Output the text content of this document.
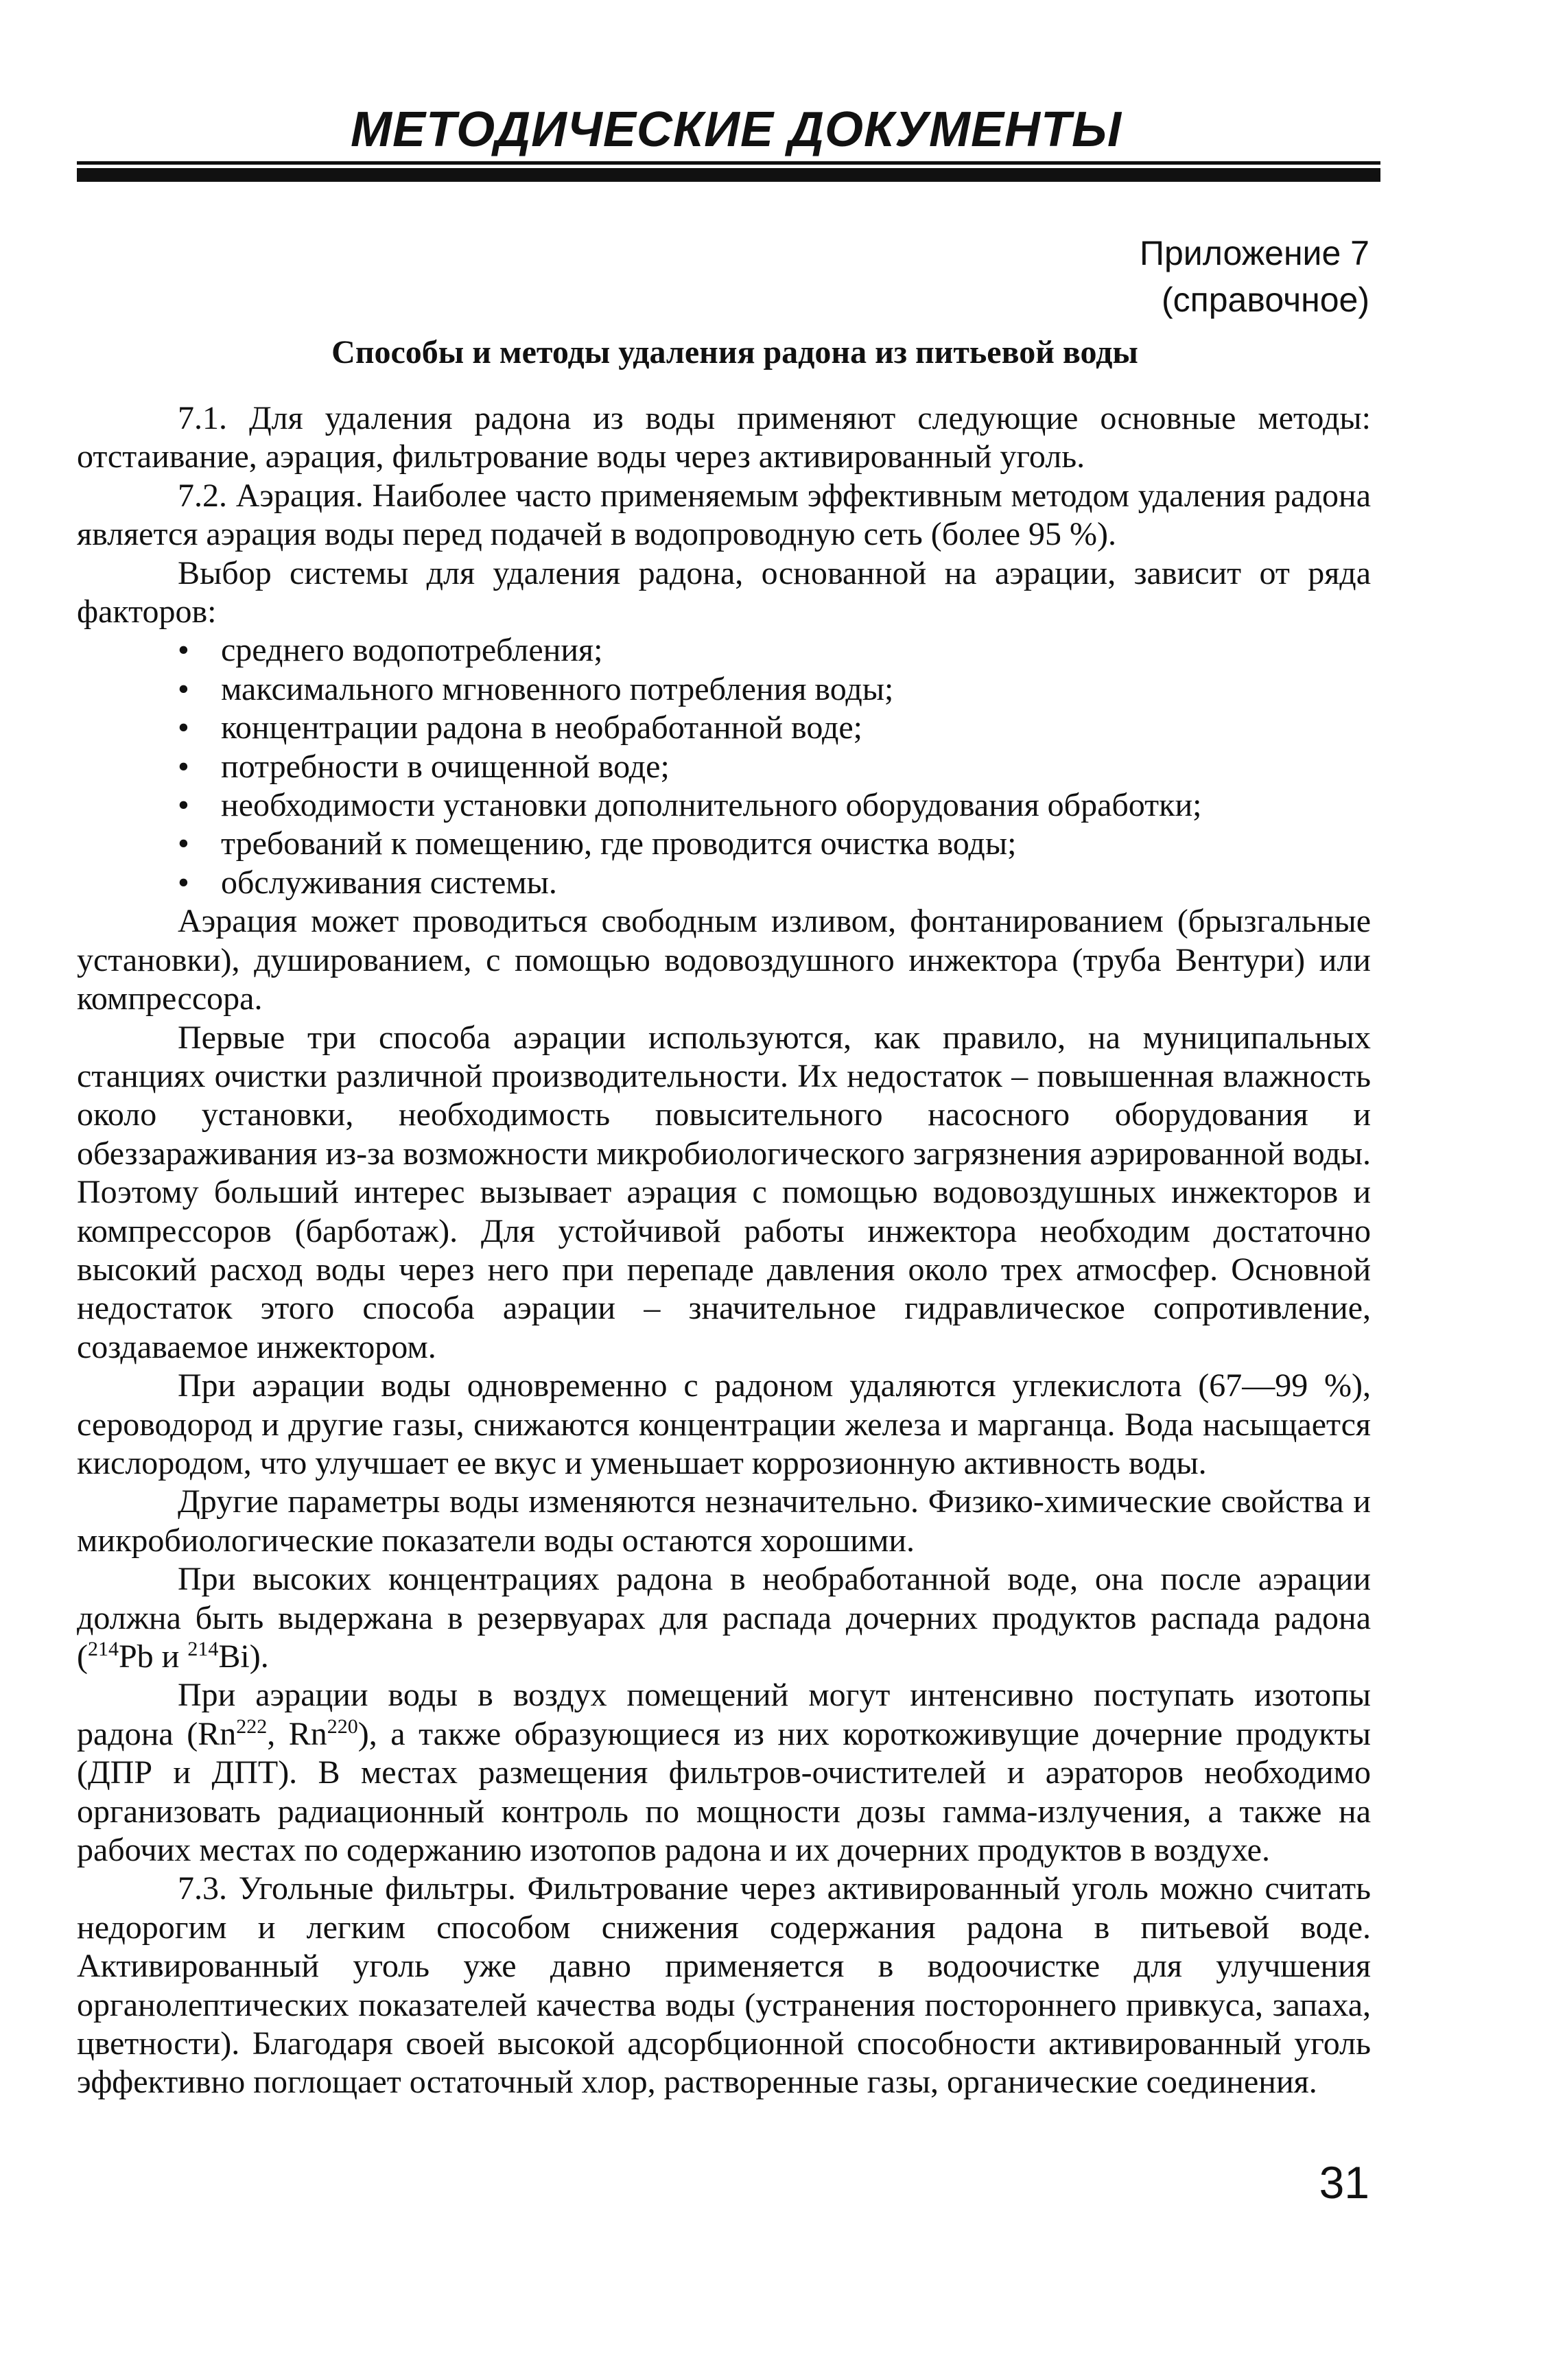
МЕТОДИЧЕСКИЕ ДОКУМЕНТЫ
Приложение 7
(справочное)
Способы и методы удаления радона из питьевой воды

7.1. Для удаления радона из воды применяют следующие основные методы: отстаивание, аэрация, фильтрование воды через активированный уголь.

7.2. Аэрация. Наиболее часто применяемым эффективным методом удаления радона является аэрация воды перед подачей в водопроводную сеть (более 95 %).

Выбор системы для удаления радона, основанной на аэрации, зависит от ряда факторов:

• среднего водопотребления;
• максимального мгновенного потребления воды;
• концентрации радона в необработанной воде;
• потребности в очищенной воде;
• необходимости установки дополнительного оборудования обработки;
• требований к помещению, где проводится очистка воды;
• обслуживания системы.

Аэрация может проводиться свободным изливом, фонтанированием (брызгальные установки), душированием, с помощью водовоздушного инжектора (труба Вентури) или компрессора.

Первые три способа аэрации используются, как правило, на муниципальных станциях очистки различной производительности. Их недостаток – повышенная влажность около установки, необходимость повысительного насосного оборудования и обеззараживания из-за возможности микробиологического загрязнения аэрированной воды. Поэтому больший интерес вызывает аэрация с помощью водовоздушных инжекторов и компрессоров (барботаж). Для устойчивой работы инжектора необходим достаточно высокий расход воды через него при перепаде давления около трех атмосфер. Основной недостаток этого способа аэрации – значительное гидравлическое сопротивление, создаваемое инжектором.

При аэрации воды одновременно с радоном удаляются углекислота (67—99 %), сероводород и другие газы, снижаются концентрации железа и марганца. Вода насыщается кислородом, что улучшает ее вкус и уменьшает коррозионную активность воды.

Другие параметры воды изменяются незначительно. Физико-химические свойства и микробиологические показатели воды остаются хорошими.

При высоких концентрациях радона в необработанной воде, она после аэрации должна быть выдержана в резервуарах для распада дочерних продуктов распада радона ($^{214}$Pb и $^{214}$Bi).

При аэрации воды в воздух помещений могут интенсивно поступать изотопы радона (Rn$^{222}$, Rn$^{220}$), а также образующиеся из них короткоживущие дочерние продукты (ДПР и ДПТ). В местах размещения фильтров-очистителей и аэраторов необходимо организовать радиационный контроль по мощности дозы гамма-излучения, а также на рабочих местах по содержанию изотопов радона и их дочерних продуктов в воздухе.

7.3. Угольные фильтры. Фильтрование через активированный уголь можно считать недорогим и легким способом снижения содержания радона в питьевой воде. Активированный уголь уже давно применяется в водоочистке для улучшения органолептических показателей качества воды (устранения постороннего привкуса, запаха, цветности). Благодаря своей высокой адсорбционной способности активированный уголь эффективно поглощает остаточный хлор, растворенные газы, органические соединения.

31
